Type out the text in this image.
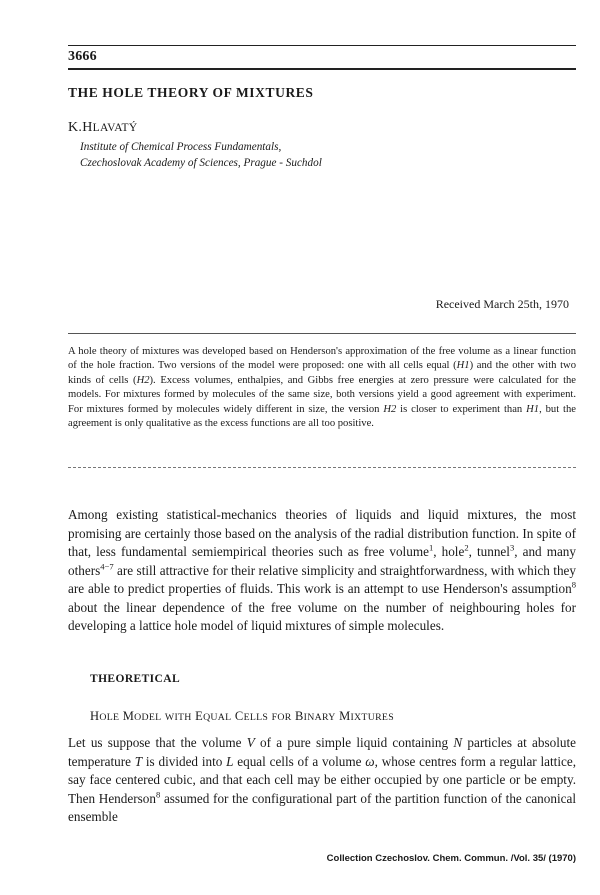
3666
THE HOLE THEORY OF MIXTURES
K.HLAVATÝ
Institute of Chemical Process Fundamentals,
Czechoslovak Academy of Sciences, Prague - Suchdol
Received March 25th, 1970
A hole theory of mixtures was developed based on Henderson's approximation of the free volume as a linear function of the hole fraction. Two versions of the model were proposed: one with all cells equal (H1) and the other with two kinds of cells (H2). Excess volumes, enthalpies, and Gibbs free energies at zero pressure were calculated for the models. For mixtures formed by molecules of the same size, both versions yield a good agreement with experiment. For mixtures formed by molecules widely different in size, the version H2 is closer to experiment than H1, but the agreement is only qualitative as the excess functions are all too positive.
Among existing statistical-mechanics theories of liquids and liquid mixtures, the most promising are certainly those based on the analysis of the radial distribution function. In spite of that, less fundamental semiempirical theories such as free volume$^1$, hole$^2$, tunnel$^3$, and many others$^{4-7}$ are still attractive for their relative simplicity and straightforwardness, with which they are able to predict properties of fluids. This work is an attempt to use Henderson's assumption$^8$ about the linear dependence of the free volume on the number of neighbouring holes for developing a lattice hole model of liquid mixtures of simple molecules.
THEORETICAL
HOLE MODEL WITH EQUAL CELLS FOR BINARY MIXTURES
Let us suppose that the volume V of a pure simple liquid containing N particles at absolute temperature T is divided into L equal cells of a volume ω, whose centres form a regular lattice, say face centered cubic, and that each cell may be either occupied by one particle or be empty. Then Henderson$^8$ assumed for the configurational part of the partition function of the canonical ensemble
Collection Czechoslov. Chem. Commun. /Vol. 35/ (1970)
